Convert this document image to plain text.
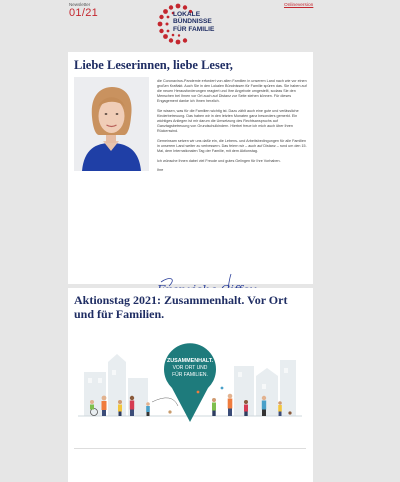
Newsletter
01/21	LOKALE
BÜNDNISSE
FÜR FAMILIE
Onlineversion
Liebe Leserinnen, liebe Leser,

die Coronavirus-Pandemie erfordert von allen Familien in unserem Land nach wie vor einen großen Kraftakt. Auch Sie in den Lokalen Bündnissen für Familie spüren das. Sie haben auf die neuen Herausforderungen reagiert und Ihre Angebote umgestellt, sodass Sie den Menschen bei Ihnen vor Ort auch auf Distanz zur Seite stehen können. Für dieses Engagement danke ich Ihnen herzlich.

Sie wissen, was für die Familien wichtig ist. Dazu zählt auch eine gute und verlässliche Kinderbetreuung. Das haben wir in den letzten Monaten ganz besonders gemerkt. Ein wichtiges Anliegen ist mir darum die Umsetzung des Rechtsanspruchs auf Ganztagsbetreuung von Grundschulkindern. Hierbei freue ich mich auch über Ihren Rückenwind.

Gemeinsam setzen wir uns dafür ein, die Lebens- und Arbeitsbedingungen für alle Familien in unserem Land weiter zu verbessern. Das feiern wir – auch auf Distanz – rund um den 15. Mai, dem Internationalen Tag der Familie, mit dem Aktionstag.

Ich wünsche Ihnen dabei viel Freude und gutes Gelingen für Ihre Vorhaben.

Ihre

Aktionstag 2021: Zusammenhalt. Vor Ort und für Familien.
ZUSAMMENHALT.
VOR ORT UND
FÜR FAMILIEN.
